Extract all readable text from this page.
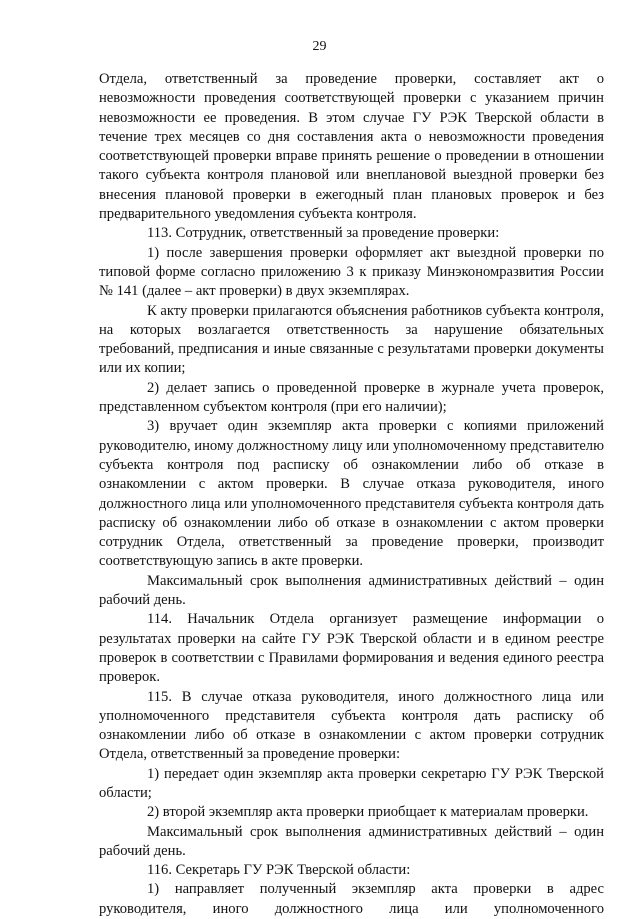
29

Отдела, ответственный за проведение проверки, составляет акт о невозможности проведения соответствующей проверки с указанием причин невозможности ее проведения. В этом случае ГУ РЭК Тверской области в течение трех месяцев со дня составления акта о невозможности проведения соответствующей проверки вправе принять решение о проведении в отношении такого субъекта контроля плановой или внеплановой выездной проверки без внесения плановой проверки в ежегодный план плановых проверок и без предварительного уведомления субъекта контроля.

113. Сотрудник, ответственный за проведение проверки:

1) после завершения проверки оформляет акт выездной проверки по типовой форме согласно приложению 3 к приказу Минэкономразвития России № 141 (далее – акт проверки) в двух экземплярах.

К акту проверки прилагаются объяснения работников субъекта контроля, на которых возлагается ответственность за нарушение обязательных требований, предписания и иные связанные с результатами проверки документы или их копии;

2) делает запись о проведенной проверке в журнале учета проверок, представленном субъектом контроля (при его наличии);

3) вручает один экземпляр акта проверки с копиями приложений руководителю, иному должностному лицу или уполномоченному представителю субъекта контроля под расписку об ознакомлении либо об отказе в ознакомлении с актом проверки. В случае отказа руководителя, иного должностного лица или уполномоченного представителя субъекта контроля дать расписку об ознакомлении либо об отказе в ознакомлении с актом проверки сотрудник Отдела, ответственный за проведение проверки, производит соответствующую запись в акте проверки.

Максимальный срок выполнения административных действий – один рабочий день.

114. Начальник Отдела организует размещение информации о результатах проверки на сайте ГУ РЭК Тверской области и в едином реестре проверок в соответствии с Правилами формирования и ведения единого реестра проверок.

115. В случае отказа руководителя, иного должностного лица или уполномоченного представителя субъекта контроля дать расписку об ознакомлении либо об отказе в ознакомлении с актом проверки сотрудник Отдела, ответственный за проведение проверки:

1) передает один экземпляр акта проверки секретарю ГУ РЭК Тверской области;

2) второй экземпляр акта проверки приобщает к материалам проверки.

Максимальный срок выполнения административных действий – один рабочий день.

116. Секретарь ГУ РЭК Тверской области:

1) направляет полученный экземпляр акта проверки в адрес руководителя, иного должностного лица или уполномоченного
